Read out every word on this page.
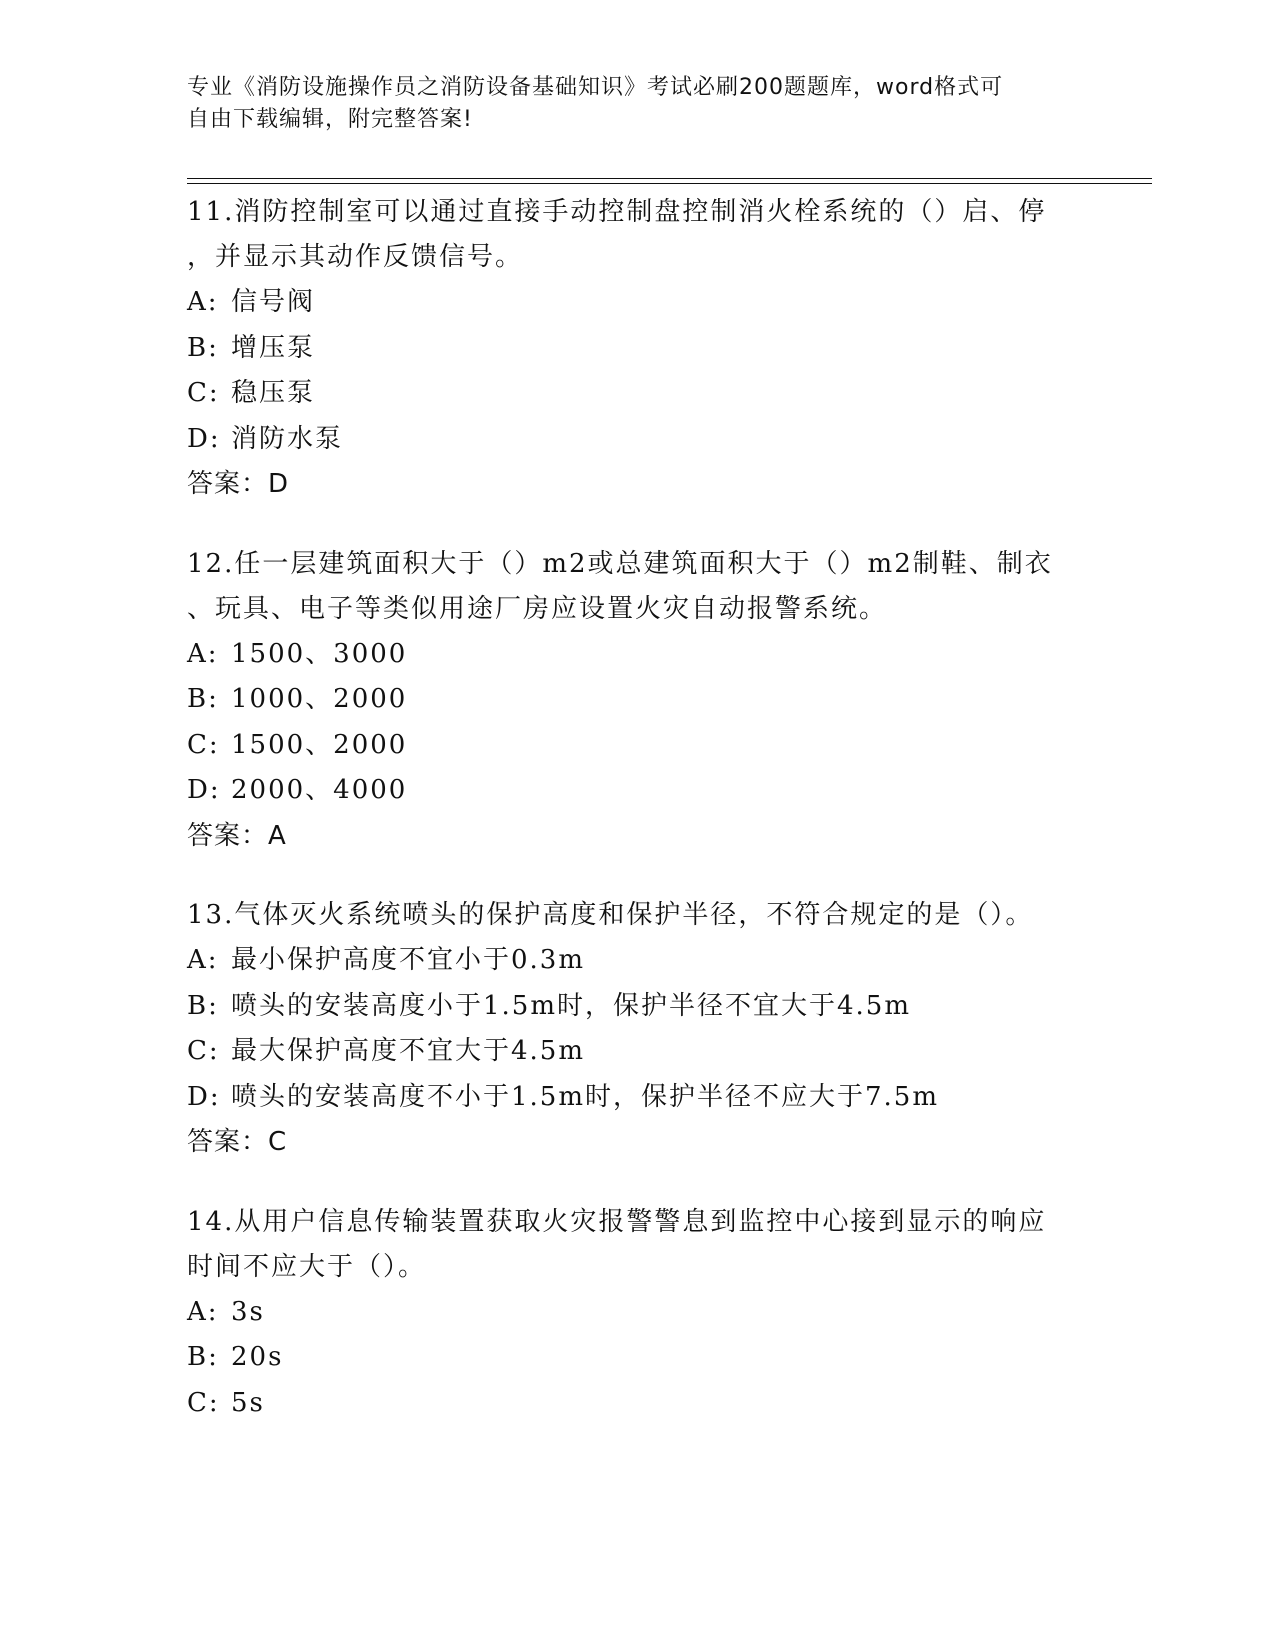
专业《消防设施操作员之消防设备基础知识》考试必刷200题题库，word格式可
自由下载编辑，附完整答案!

11.消防控制室可以通过直接手动控制盘控制消火栓系统的（）启、停

，并显示其动作反馈信号。

A: 信号阀

B: 增压泵

C: 稳压泵

D: 消防水泵

答案：D

12.任一层建筑面积大于（）m2或总建筑面积大于（）m2制鞋、制衣

、玩具、电子等类似用途厂房应设置火灾自动报警系统。

A: 1500、3000

B: 1000、2000

C: 1500、2000

D: 2000、4000

答案：A

13.气体灭火系统喷头的保护高度和保护半径，不符合规定的是（）。

A: 最小保护高度不宜小于0.3m

B: 喷头的安装高度小于1.5m时，保护半径不宜大于4.5m

C: 最大保护高度不宜大于4.5m

D: 喷头的安装高度不小于1.5m时，保护半径不应大于7.5m

答案：C

14.从用户信息传输装置获取火灾报警警息到监控中心接到显示的响应

时间不应大于（）。

A: 3s

B: 20s

C: 5s
